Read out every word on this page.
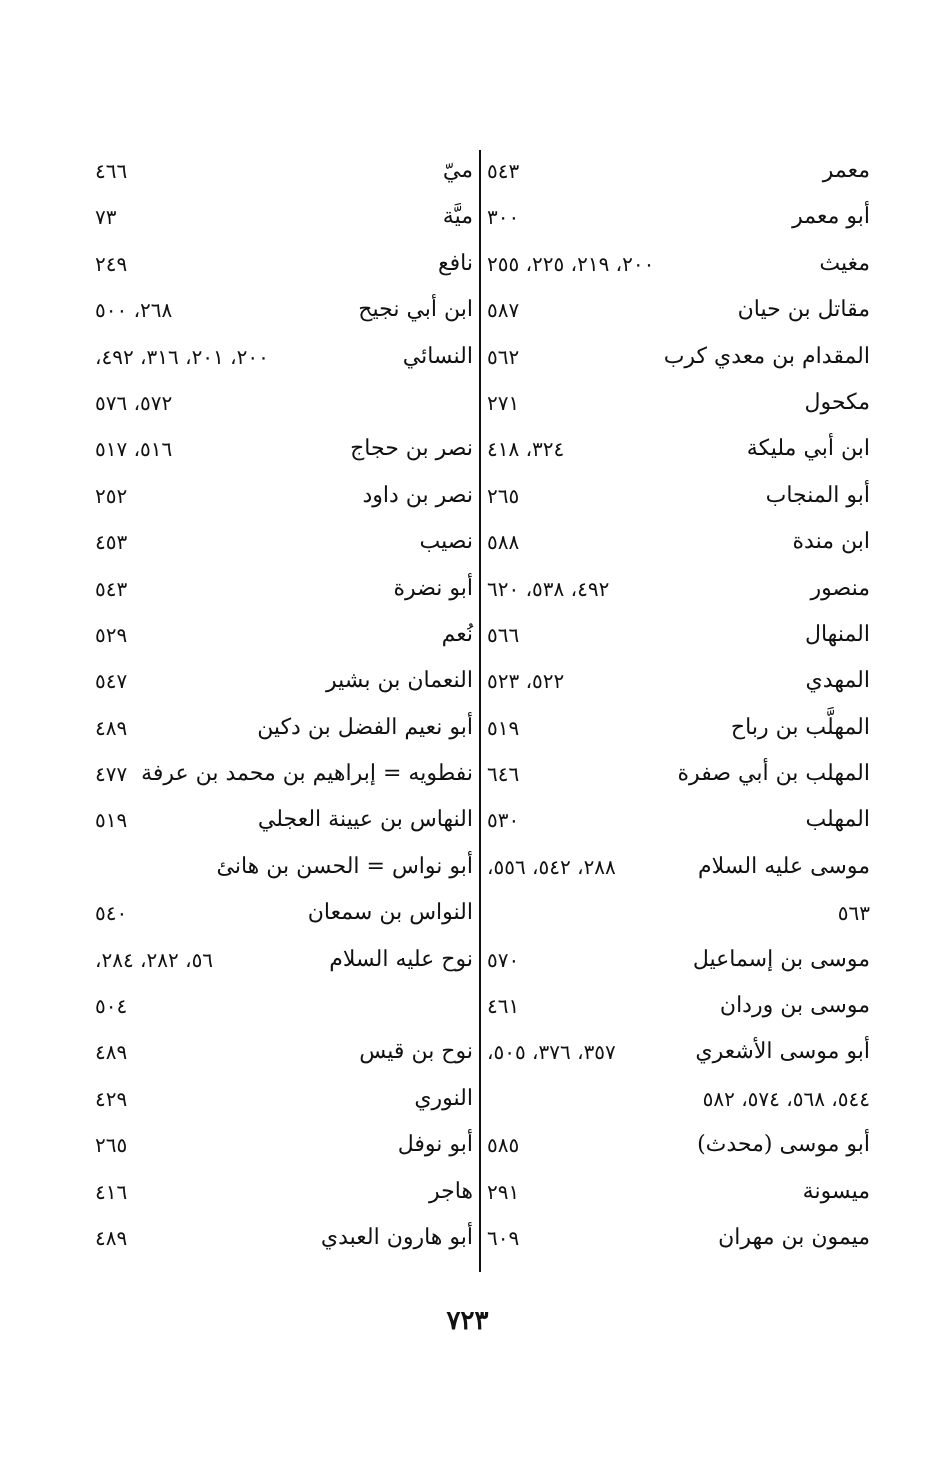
معمر
٥٤٣
أبو معمر
٣٠٠
مغيث
٢٠٠، ٢١٩، ٢٢٥، ٢٥٥
مقاتل بن حيان
٥٨٧
المقدام بن معدي كرب
٥٦٢
مكحول
٢٧١
ابن أبي مليكة
٣٢٤، ٤١٨
أبو المنجاب
٢٦٥
ابن مندة
٥٨٨
منصور
٤٩٢، ٥٣٨، ٦٢٠
المنهال
٥٦٦
المهدي
٥٢٢، ٥٢٣
المهلَّب بن رباح
٥١٩
المهلب بن أبي صفرة
٦٤٦
المهلب
٥٣٠
موسى عليه السلام
٢٨٨، ٥٤٢، ٥٥٦،
٥٦٣
موسى بن إسماعيل
٥٧٠
موسى بن وردان
٤٦١
أبو موسى الأشعري
٣٥٧، ٣٧٦، ٥٠٥،
٥٤٤، ٥٦٨، ٥٧٤، ٥٨٢
أبو موسى (محدث)
٥٨٥
ميسونة
٢٩١
ميمون بن مهران
٦٠٩
ميّ
٤٦٦
ميَّة
٧٣
نافع
٢٤٩
ابن أبي نجيح
٢٦٨، ٥٠٠
النسائي
٢٠٠، ٢٠١، ٣١٦، ٤٩٢،
٥٧٢، ٥٧٦
نصر بن حجاج
٥١٦، ٥١٧
نصر بن داود
٢٥٢
نصيب
٤٥٣
أبو نضرة
٥٤٣
نُعم
٥٢٩
النعمان بن بشير
٥٤٧
أبو نعيم الفضل بن دكين
٤٨٩
نفطويه = إبراهيم بن محمد بن عرفة
٤٧٧
النهاس بن عيينة العجلي
٥١٩
أبو نواس = الحسن بن هانئ
النواس بن سمعان
٥٤٠
نوح عليه السلام
٥٦، ٢٨٢، ٢٨٤،
٥٠٤
نوح بن قيس
٤٨٩
النوري
٤٢٩
أبو نوفل
٢٦٥
هاجر
٤١٦
أبو هارون العبدي
٤٨٩
٧٢٣
